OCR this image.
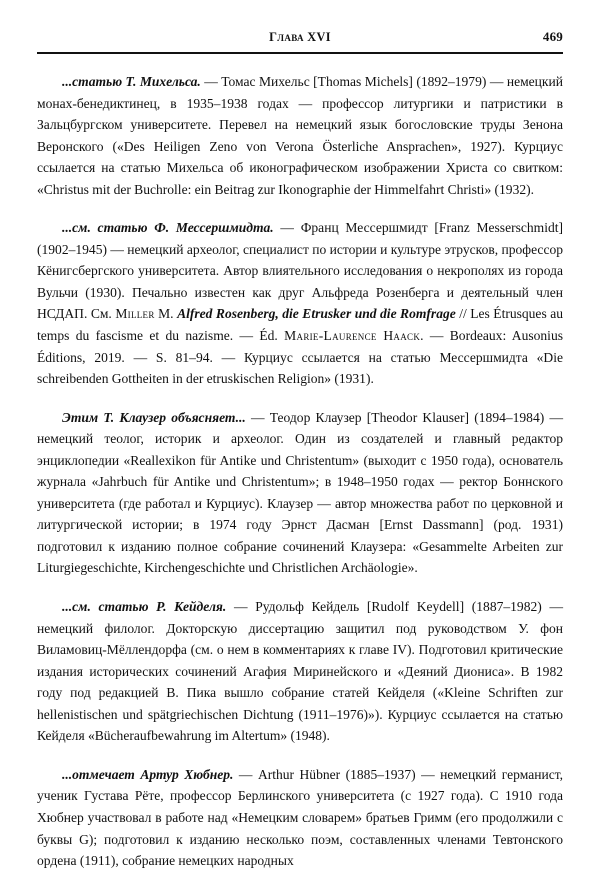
Глава XVI	469

...статью Т. Михельса. — Томас Михельс [Thomas Michels] (1892–1979) — немецкий монах-бенедиктинец, в 1935–1938 годах — профессор литургики и патристики в Зальцбургском университете. Перевел на немецкий язык богословские труды Зенона Веронского («Des Heiligen Zeno von Verona Österliche Ansprachen», 1927). Курциус ссылается на статью Михельса об иконографическом изображении Христа со свитком: «Christus mit der Buchrolle: ein Beitrag zur Ikonographie der Himmelfahrt Christi» (1932).

...см. статью Ф. Мессершмидта. — Франц Мессершмидт [Franz Messerschmidt] (1902–1945) — немецкий археолог, специалист по истории и культуре этрусков, профессор Кёнигсбергского университета. Автор влиятельного исследования о некрополях из города Вульчи (1930). Печально известен как друг Альфреда Розенберга и деятельный член НСДАП. См. Miller M. Alfred Rosenberg, die Etrusker und die Romfrage // Les Étrusques au temps du fascisme et du nazisme. — Éd. Marie-Laurence Haack. — Bordeaux: Ausonius Éditions, 2019. — S. 81–94. — Курциус ссылается на статью Мессершмидта «Die schreibenden Gottheiten in der etruskischen Religion» (1931).

Этим Т. Клаузер объясняет... — Теодор Клаузер [Theodor Klauser] (1894–1984) — немецкий теолог, историк и археолог. Один из создателей и главный редактор энциклопедии «Reallexikon für Antike und Christentum» (выходит с 1950 года), основатель журнала «Jahrbuch für Antike und Christentum»; в 1948–1950 годах — ректор Боннского университета (где работал и Курциус). Клаузер — автор множества работ по церковной и литургической истории; в 1974 году Эрнст Дасман [Ernst Dassmann] (род. 1931) подготовил к изданию полное собрание сочинений Клаузера: «Gesammelte Arbeiten zur Liturgiegeschichte, Kirchengeschichte und Christlichen Archäologie».

...см. статью Р. Кейделя. — Рудольф Кейдель [Rudolf Keydell] (1887–1982) — немецкий филолог. Докторскую диссертацию защитил под руководством У. фон Виламовиц-Мёллендорфа (см. о нем в комментариях к главе IV). Подготовил критические издания исторических сочинений Агафия Миринейского и «Деяний Диониса». В 1982 году под редакцией В. Пика вышло собрание статей Кейделя («Kleine Schriften zur hellenistischen und spätgriechischen Dichtung (1911–1976)»). Курциус ссылается на статью Кейделя «Bücheraufbewahrung im Altertum» (1948).

...отмечает Артур Хюбнер. — Arthur Hübner (1885–1937) — немецкий германист, ученик Густава Рёте, профессор Берлинского университета (с 1927 года). С 1910 года Хюбнер участвовал в работе над «Немецким словарем» братьев Гримм (его продолжили с буквы G); подготовил к изданию несколько поэм, составленных членами Тевтонского ордена (1911), собрание немецких народных
